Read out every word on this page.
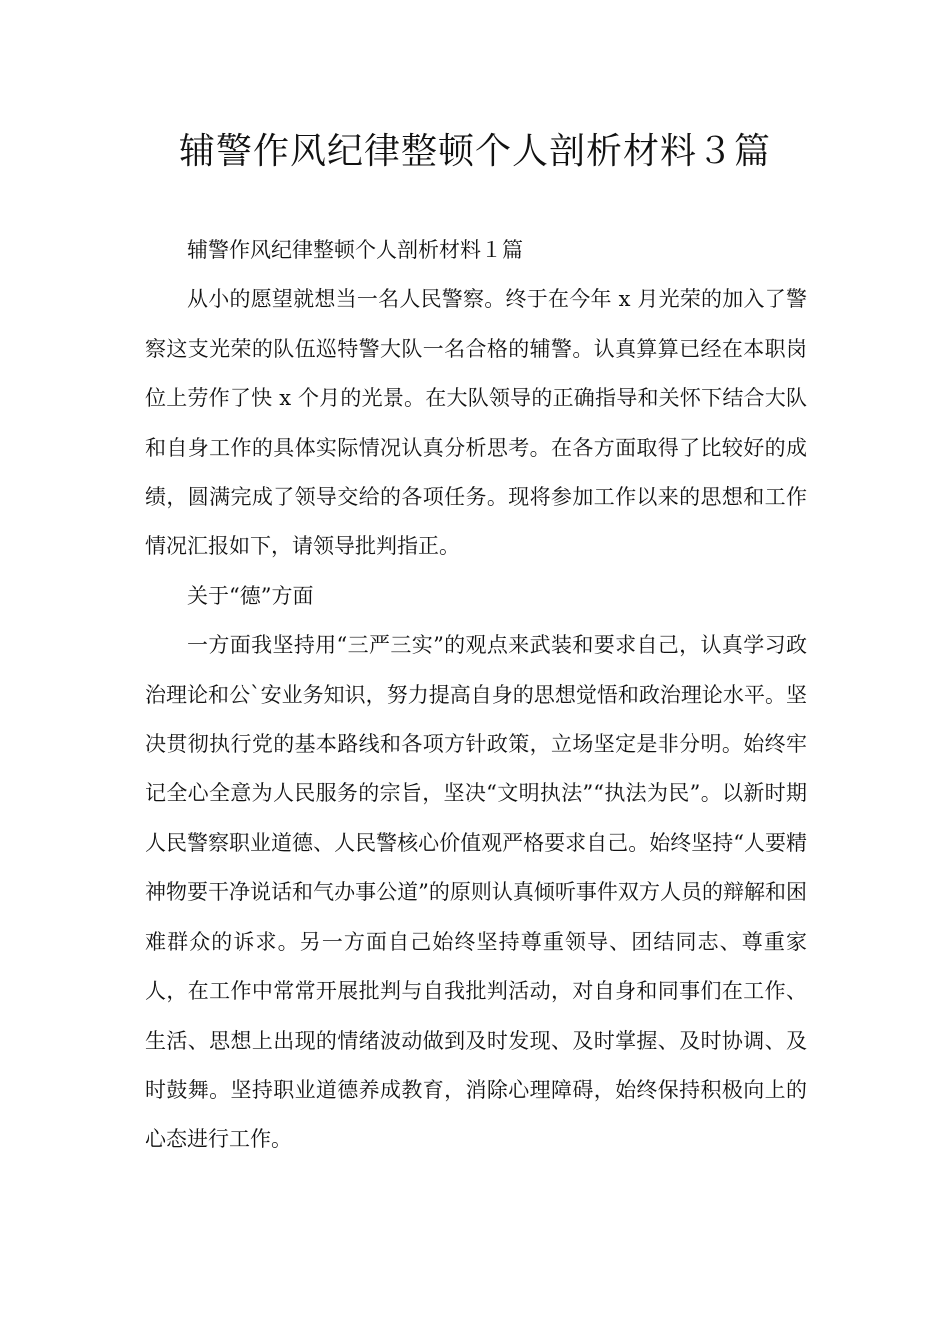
辅警作风纪律整顿个人剖析材料３篇

辅警作风纪律整顿个人剖析材料１篇

从小的愿望就想当一名人民警察。终于在今年 x 月光荣的加入了警察这支光荣的队伍巡特警大队一名合格的辅警。认真算算已经在本职岗位上劳作了快 x 个月的光景。在大队领导的正确指导和关怀下结合大队和自身工作的具体实际情况认真分析思考。在各方面取得了比较好的成绩，圆满完成了领导交给的各项任务。现将参加工作以来的思想和工作情况汇报如下，请领导批判指正。

关于“德”方面

一方面我坚持用“三严三实”的观点来武装和要求自己，认真学习政治理论和公`安业务知识，努力提高自身的思想觉悟和政治理论水平。坚决贯彻执行党的基本路线和各项方针政策，立场坚定是非分明。始终牢记全心全意为人民服务的宗旨，坚决“文明执法”“执法为民”。以新时期人民警察职业道德、人民警核心价值观严格要求自己。始终坚持“人要精神物要干净说话和气办事公道”的原则认真倾听事件双方人员的辩解和困难群众的诉求。另一方面自己始终坚持尊重领导、团结同志、尊重家人，在工作中常常开展批判与自我批判活动，对自身和同事们在工作、生活、思想上出现的情绪波动做到及时发现、及时掌握、及时协调、及时鼓舞。坚持职业道德养成教育，消除心理障碍，始终保持积极向上的心态进行工作。
